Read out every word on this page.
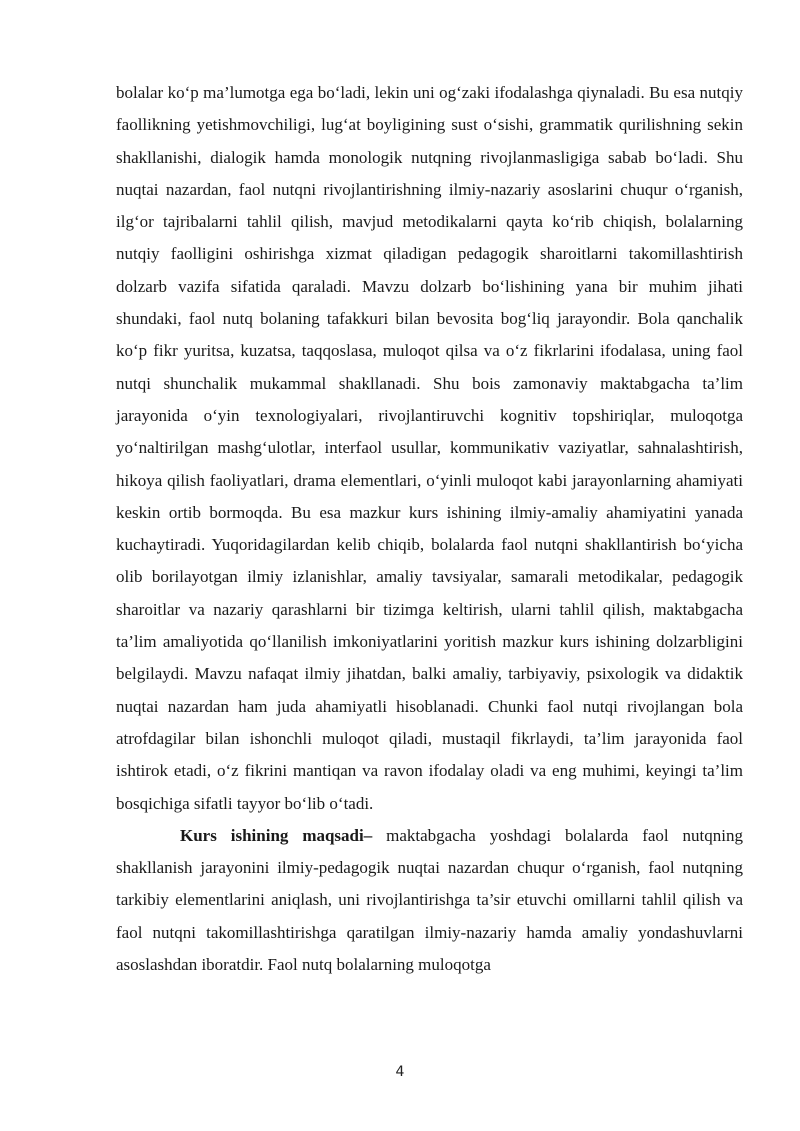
bolalar ko‘p ma’lumotga ega bo‘ladi, lekin uni og‘zaki ifodalashga qiynaladi. Bu esa nutqiy faollikning yetishmovchiligi, lug‘at boyligining sust o‘sishi, grammatik qurilishning sekin shakllanishi, dialogik hamda monologik nutqning rivojlanmasligiga sabab bo‘ladi. Shu nuqtai nazardan, faol nutqni rivojlantirishning ilmiy-nazariy asoslarini chuqur o‘rganish, ilg‘or tajribalarni tahlil qilish, mavjud metodikalarni qayta ko‘rib chiqish, bolalarning nutqiy faolligini oshirishga xizmat qiladigan pedagogik sharoitlarni takomillashtirish dolzarb vazifa sifatida qaraladi. Mavzu dolzarb bo‘lishining yana bir muhim jihati shundaki, faol nutq bolaning tafakkuri bilan bevosita bog‘liq jarayondir. Bola qanchalik ko‘p fikr yuritsa, kuzatsa, taqqoslasa, muloqot qilsa va o‘z fikrlarini ifodalasa, uning faol nutqi shunchalik mukammal shakllanadi. Shu bois zamonaviy maktabgacha ta’lim jarayonida o‘yin texnologiyalari, rivojlantiruvchi kognitiv topshiriqlar, muloqotga yo‘naltirilgan mashg‘ulotlar, interfaol usullar, kommunikativ vaziyatlar, sahnalashtirish, hikoya qilish faoliyatlari, drama elementlari, o‘yinli muloqot kabi jarayonlarning ahamiyati keskin ortib bormoqda. Bu esa mazkur kurs ishining ilmiy-amaliy ahamiyatini yanada kuchaytiradi. Yuqoridagilardan kelib chiqib, bolalarda faol nutqni shakllantirish bo‘yicha olib borilayotgan ilmiy izlanishlar, amaliy tavsiyalar, samarali metodikalar, pedagogik sharoitlar va nazariy qarashlarni bir tizimga keltirish, ularni tahlil qilish, maktabgacha ta’lim amaliyotida qo‘llanilish imkoniyatlarini yoritish mazkur kurs ishining dolzarbligini belgilaydi. Mavzu nafaqat ilmiy jihatdan, balki amaliy, tarbiyaviy, psixologik va didaktik nuqtai nazardan ham juda ahamiyatli hisoblanadi. Chunki faol nutqi rivojlangan bola atrofdagilar bilan ishonchli muloqot qiladi, mustaqil fikrlaydi, ta’lim jarayonida faol ishtirok etadi, o‘z fikrini mantiqan va ravon ifodalay oladi va eng muhimi, keyingi ta’lim bosqichiga sifatli tayyor bo‘lib o‘tadi.

Kurs ishining maqsadi– maktabgacha yoshdagi bolalarda faol nutqning shakllanish jarayonini ilmiy-pedagogik nuqtai nazardan chuqur o‘rganish, faol nutqning tarkibiy elementlarini aniqlash, uni rivojlantirishga ta’sir etuvchi omillarni tahlil qilish va faol nutqni takomillashtirishga qaratilgan ilmiy-nazariy hamda amaliy yondashuvlarni asoslashdan iboratdir. Faol nutq bolalarning muloqotga

4
